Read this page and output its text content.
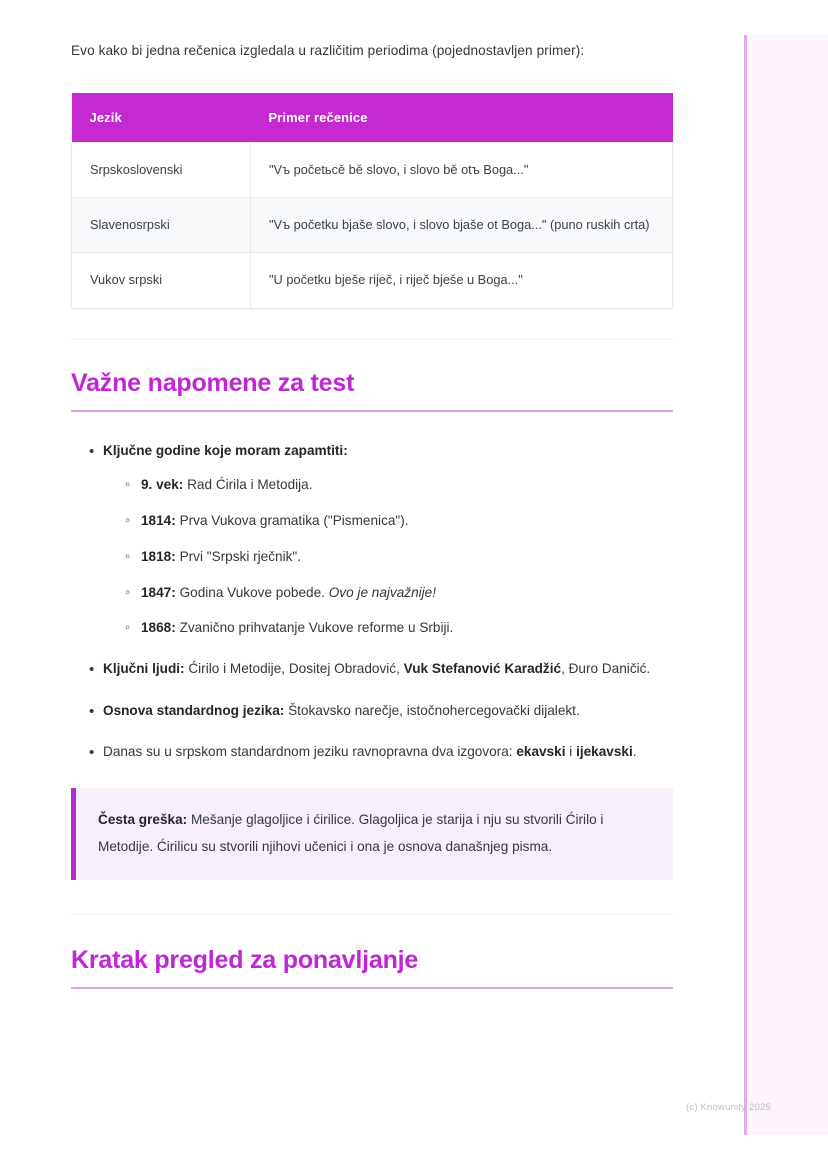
Evo kako bi jedna rečenica izgledala u različitim periodima (pojednostavljen primer):

Jezik	Primer rečenice
Srpskoslovenski	"Vъ početьcě bě slovo, i slovo bě otъ Boga..."
Slavenosrpski	"Vъ početku bjaše slovo, i slovo bjaše ot Boga..." (puno ruskih crta)
Vukov srpski	"U početku bješe riječ, i riječ bješe u Boga..."
Važne napomene za test
• Ključne godine koje moram zapamtiti:
◦ 9. vek: Rad Ćirila i Metodija.
◦ 1814: Prva Vukova gramatika ("Pismenica").
◦ 1818: Prvi "Srpski rječnik".
◦ 1847: Godina Vukove pobede. Ovo je najvažnije!
◦ 1868: Zvanično prihvatanje Vukove reforme u Srbiji.
• Ključni ljudi: Ćirilo i Metodije, Dositej Obradović, Vuk Stefanović Karadžić, Đuro Daničić.
• Osnova standardnog jezika: Štokavsko narečje, istočnohercegovački dijalekt.
• Danas su u srpskom standardnom jeziku ravnopravna dva izgovora: ekavski i ijekavski.
Česta greška: Mešanje glagoljice i ćirilice. Glagoljica je starija i nju su stvorili Ćirilo i Metodije. Ćirilicu su stvorili njihovi učenici i ona je osnova današnjeg pisma.
Kratak pregled za ponavljanje
(c) Knowunity 2025
